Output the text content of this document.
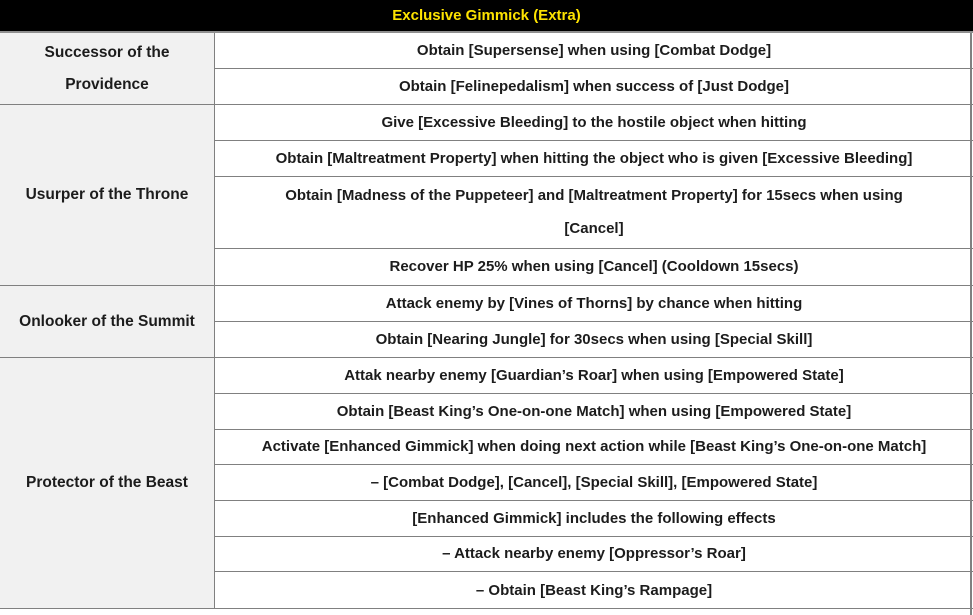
Exclusive Gimmick (Extra)
Successor of the Providence
Obtain [Supersense] when using [Combat Dodge]
Obtain [Felinepedalism] when success of [Just Dodge]
Usurper of the Throne
Give [Excessive Bleeding] to the hostile object when hitting
Obtain [Maltreatment Property] when hitting the object who is given [Excessive Bleeding]
Obtain [Madness of the Puppeteer] and [Maltreatment Property] for 15secs when using
[Cancel]
Recover HP 25% when using [Cancel] (Cooldown 15secs)
Onlooker of the Summit
Attack enemy by [Vines of Thorns] by chance when hitting
Obtain [Nearing Jungle] for 30secs when using [Special Skill]
Protector of the Beast
Attak nearby enemy [Guardian’s Roar] when using [Empowered State]
Obtain [Beast King’s One-on-one Match] when using [Empowered State]
Activate [Enhanced Gimmick] when doing next action while [Beast King’s One-on-one Match]
– [Combat Dodge], [Cancel], [Special Skill], [Empowered State]
[Enhanced Gimmick] includes the following effects
– Attack nearby enemy [Oppressor’s Roar]
– Obtain [Beast King’s Rampage]
